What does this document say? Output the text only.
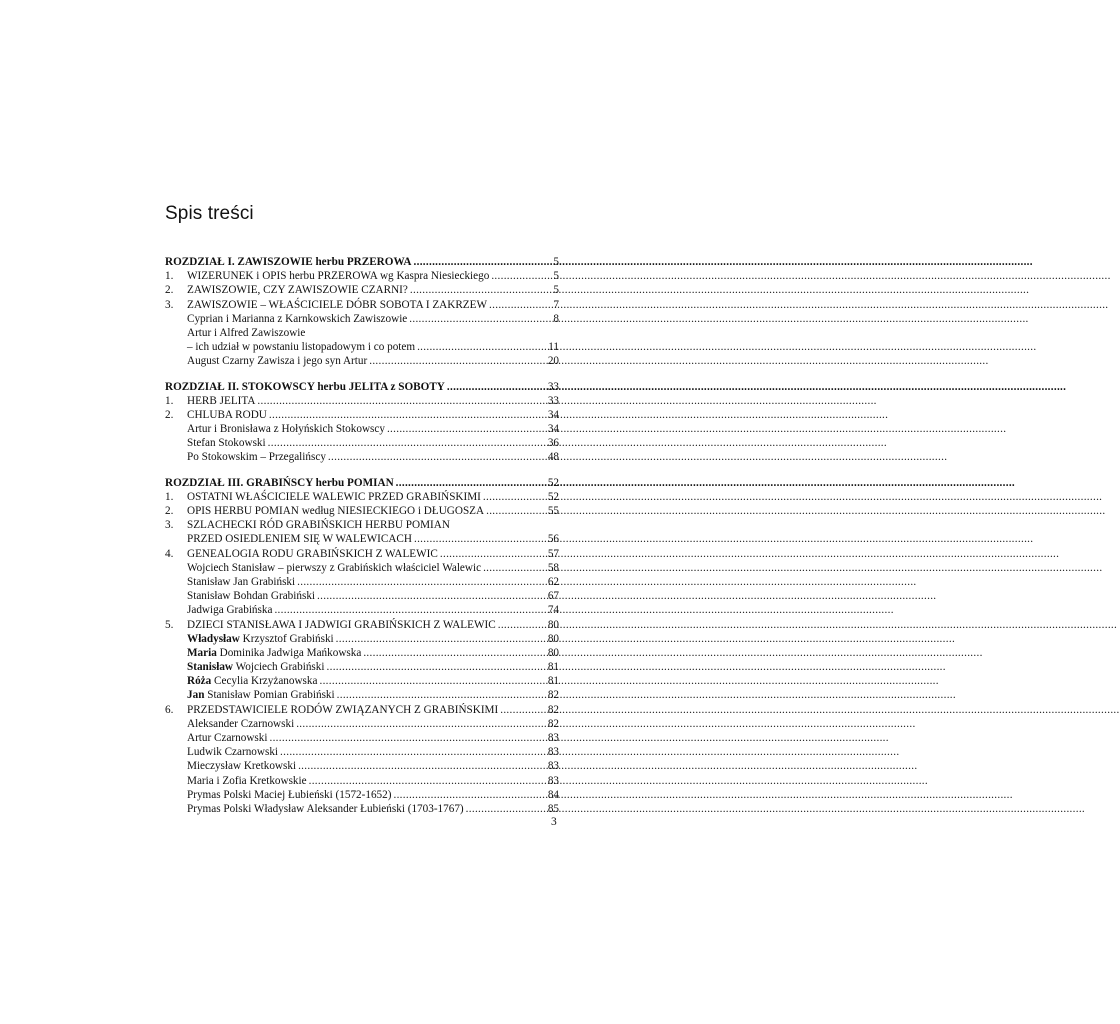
Spis treści
ROZDZIAŁ I. ZAWISZOWIE herbu PRZEROWA .....	5
1.	WIZERUNEK i OPIS herbu PRZEROWA wg Kaspra Niesieckiego .....	5
2.	ZAWISZOWIE, CZY ZAWISZOWIE CZARNI? .....	5
3.	ZAWISZOWIE – WŁAŚCICIELE DÓBR SOBOTA I ZAKRZEW .....	7
Cyprian i Marianna z Karnkowskich Zawiszowie .....	8
Artur i Alfred Zawiszowie
– ich udział w powstaniu listopadowym i co potem .....	11
August Czarny Zawisza i jego syn Artur .....	20
ROZDZIAŁ II. STOKOWSCY herbu JELITA z SOBOTY .....	33
1.	HERB JELITA .....	33
2.	CHLUBA RODU .....	34
Artur i Bronisława z Hołyńskich Stokowscy .....	34
Stefan Stokowski .....	36
Po Stokowskim – Przegalińscy .....	48
ROZDZIAŁ III. GRABIŃSCY herbu POMIAN .....	52
1.	OSTATNI WŁAŚCICIELE WALEWIC PRZED GRABIŃSKIMI .....	52
2.	OPIS HERBU POMIAN według NIESIECKIEGO i DŁUGOSZA .....	55
3.	SZLACHECKI RÓD GRABIŃSKICH HERBU POMIAN
PRZED OSIEDLENIEM SIĘ W WALEWICACH .....	56
4.	GENEALOGIA RODU GRABIŃSKICH Z WALEWIC .....	57
Wojciech Stanisław – pierwszy z Grabińskich właściciel Walewic .....	58
Stanisław Jan Grabiński .....	62
Stanisław Bohdan Grabiński .....	67
Jadwiga Grabińska .....	74
5.	DZIECI STANISŁAWA I JADWIGI GRABIŃSKICH Z WALEWIC .....	80
Władysław Krzysztof Grabiński .....	80
Maria Dominika Jadwiga Mańkowska .....	80
Stanisław Wojciech Grabiński .....	81
Róża Cecylia Krzyżanowska .....	81
Jan Stanisław Pomian Grabiński .....	82
6.	PRZEDSTAWICIELE RODÓW ZWIĄZANYCH Z GRABIŃSKIMI .....	82
Aleksander Czarnowski .....	82
Artur Czarnowski .....	83
Ludwik Czarnowski .....	83
Mieczysław Kretkowski .....	83
Maria i Zofia Kretkowskie .....	83
Prymas Polski Maciej Łubieński (1572-1652) .....	84
Prymas Polski Władysław Aleksander Łubieński (1703-1767) .....	85
3
